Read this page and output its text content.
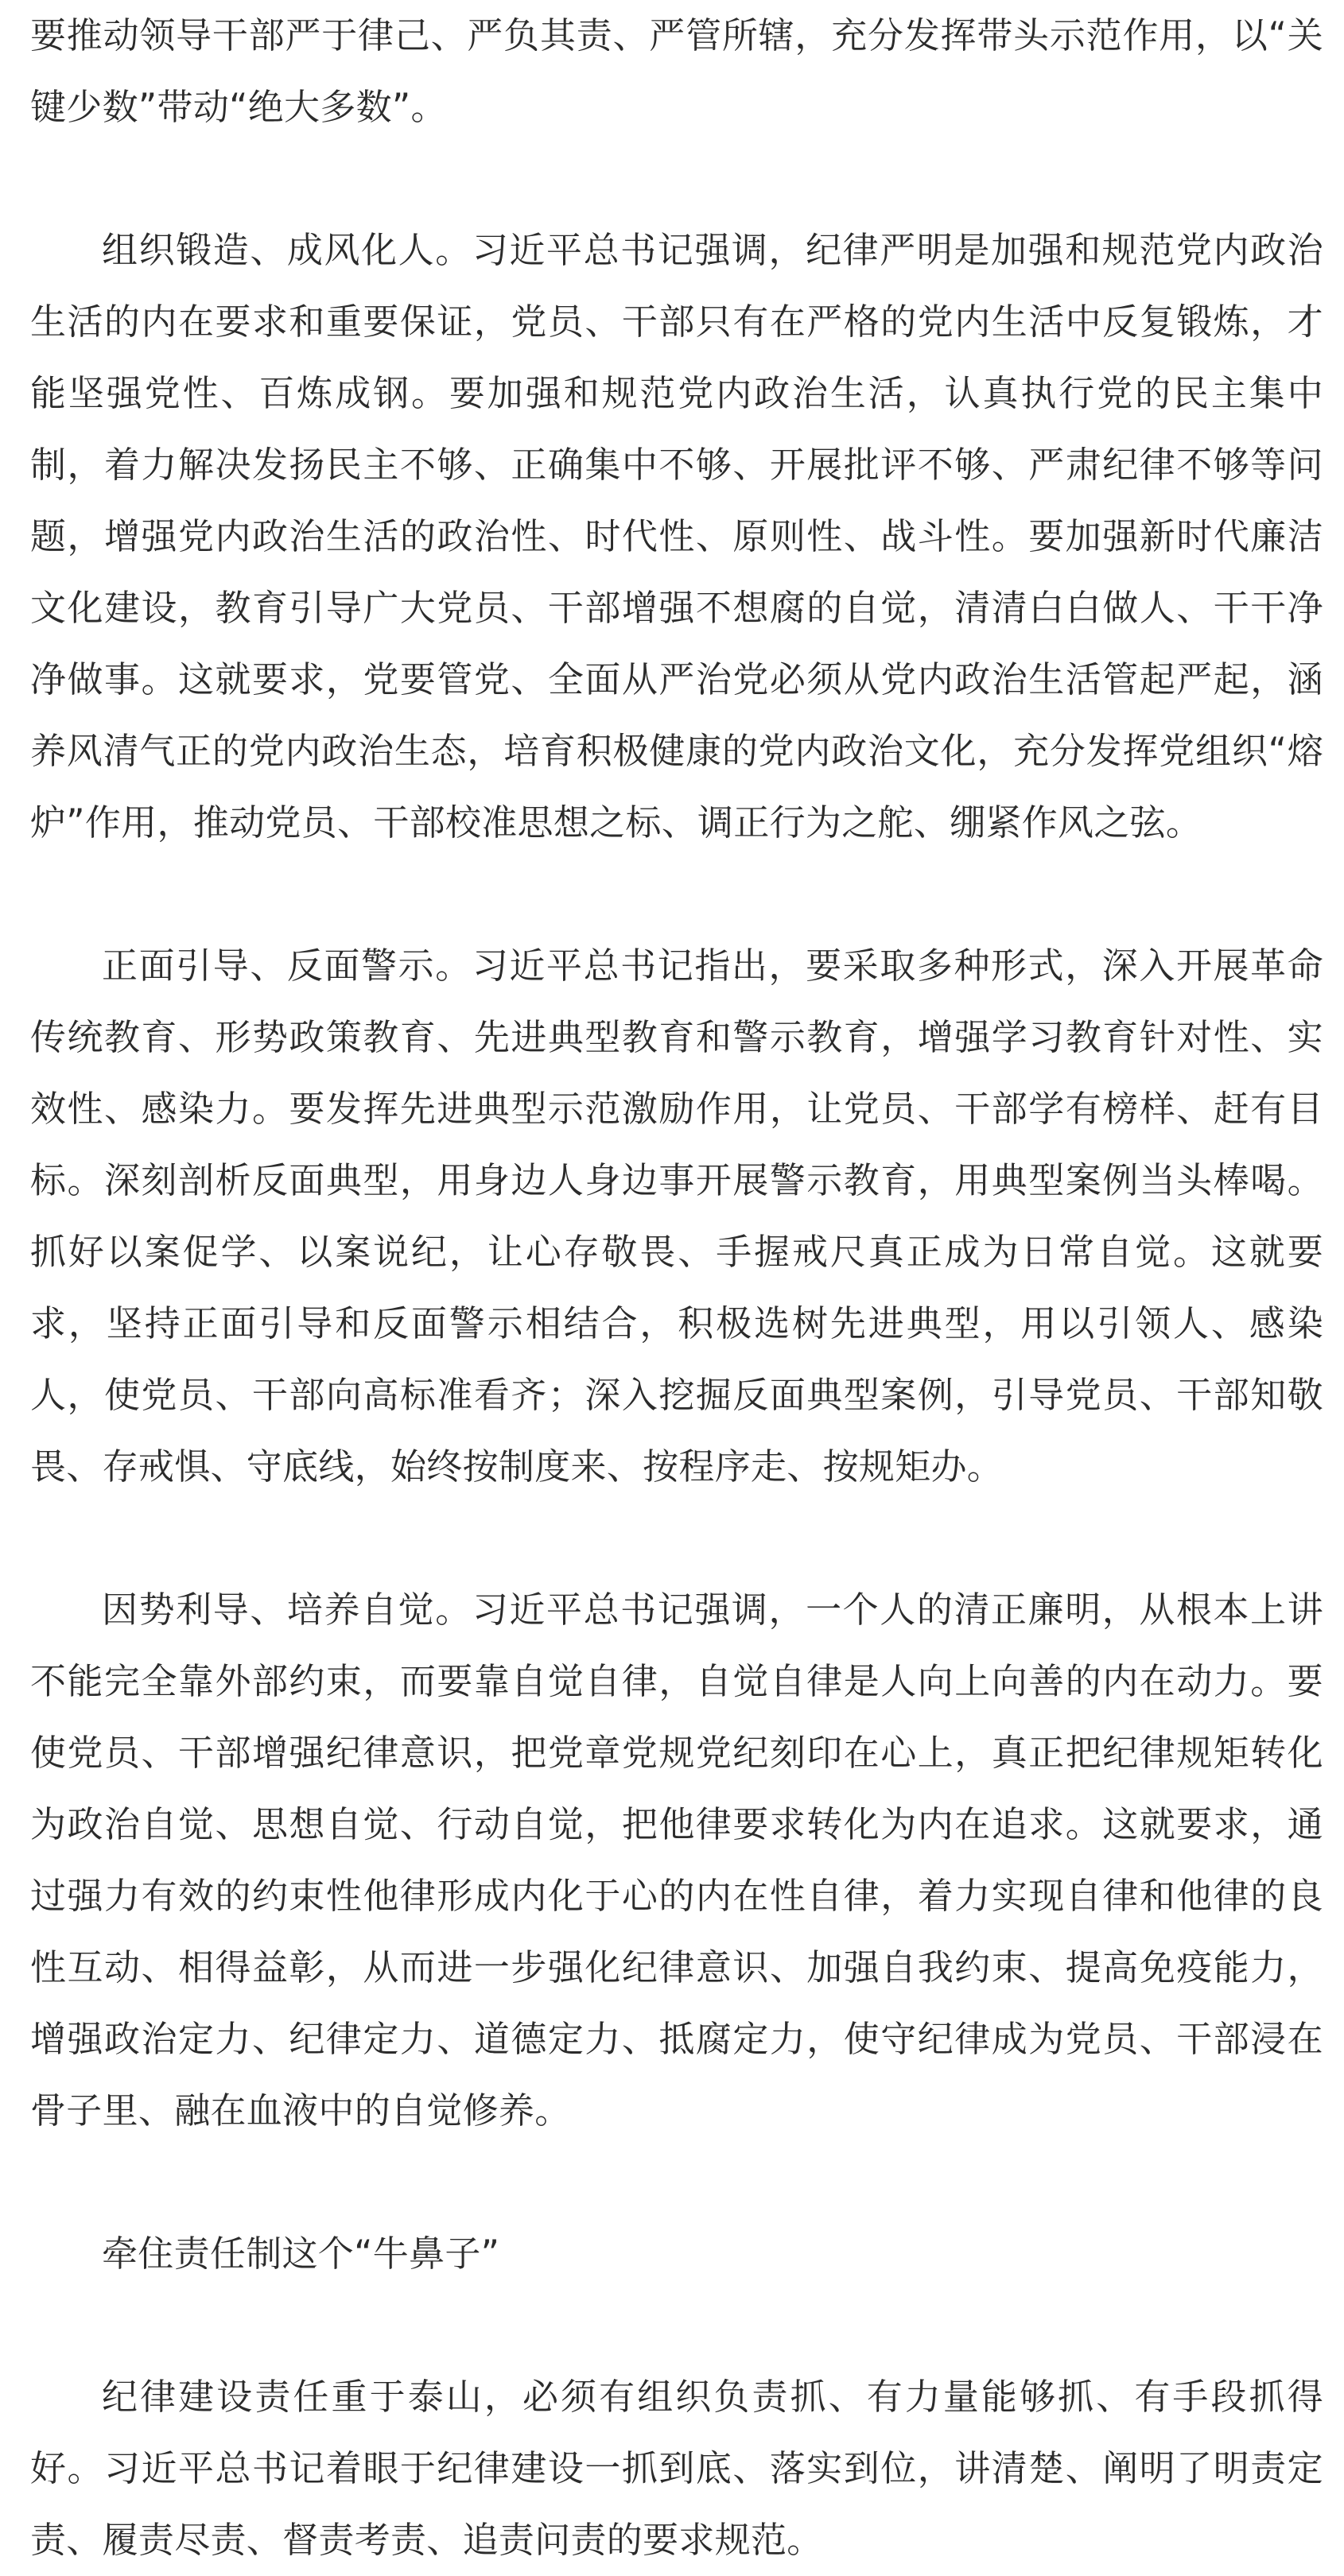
要推动领导干部严于律己、严负其责、严管所辖，充分发挥带头示范作用，以“关键少数”带动“绝大多数”。

组织锻造、成风化人。习近平总书记强调，纪律严明是加强和规范党内政治生活的内在要求和重要保证，党员、干部只有在严格的党内生活中反复锻炼，才能坚强党性、百炼成钢。要加强和规范党内政治生活，认真执行党的民主集中制，着力解决发扬民主不够、正确集中不够、开展批评不够、严肃纪律不够等问题，增强党内政治生活的政治性、时代性、原则性、战斗性。要加强新时代廉洁文化建设，教育引导广大党员、干部增强不想腐的自觉，清清白白做人、干干净净做事。这就要求，党要管党、全面从严治党必须从党内政治生活管起严起，涵养风清气正的党内政治生态，培育积极健康的党内政治文化，充分发挥党组织“熔炉”作用，推动党员、干部校准思想之标、调正行为之舵、绷紧作风之弦。

正面引导、反面警示。习近平总书记指出，要采取多种形式，深入开展革命传统教育、形势政策教育、先进典型教育和警示教育，增强学习教育针对性、实效性、感染力。要发挥先进典型示范激励作用，让党员、干部学有榜样、赶有目标。深刻剖析反面典型，用身边人身边事开展警示教育，用典型案例当头棒喝。抓好以案促学、以案说纪，让心存敬畏、手握戒尺真正成为日常自觉。这就要求，坚持正面引导和反面警示相结合，积极选树先进典型，用以引领人、感染人，使党员、干部向高标准看齐；深入挖掘反面典型案例，引导党员、干部知敬畏、存戒惧、守底线，始终按制度来、按程序走、按规矩办。

因势利导、培养自觉。习近平总书记强调，一个人的清正廉明，从根本上讲不能完全靠外部约束，而要靠自觉自律，自觉自律是人向上向善的内在动力。要使党员、干部增强纪律意识，把党章党规党纪刻印在心上，真正把纪律规矩转化为政治自觉、思想自觉、行动自觉，把他律要求转化为内在追求。这就要求，通过强力有效的约束性他律形成内化于心的内在性自律，着力实现自律和他律的良性互动、相得益彰，从而进一步强化纪律意识、加强自我约束、提高免疫能力，增强政治定力、纪律定力、道德定力、抵腐定力，使守纪律成为党员、干部浸在骨子里、融在血液中的自觉修养。

牵住责任制这个“牛鼻子”

纪律建设责任重于泰山，必须有组织负责抓、有力量能够抓、有手段抓得好。习近平总书记着眼于纪律建设一抓到底、落实到位，讲清楚、阐明了明责定责、履责尽责、督责考责、追责问责的要求规范。
